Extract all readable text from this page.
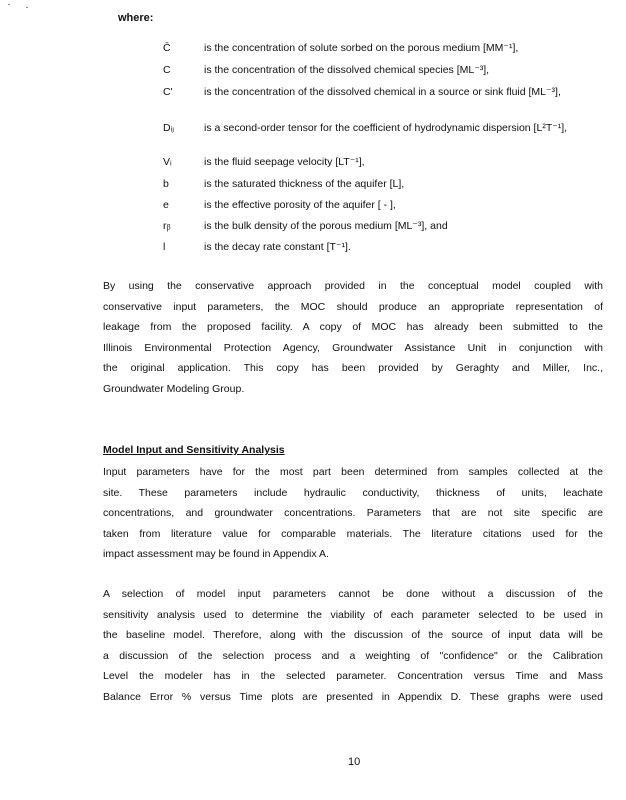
where:
C̄	is the concentration of solute sorbed on the porous medium [MM⁻¹],
C	is the concentration of the dissolved chemical species [ML⁻³],
C'	is the concentration of the dissolved chemical in a source or sink fluid [ML⁻³],
Dᵢⱼ	is a second-order tensor for the coefficient of hydrodynamic dispersion [L²T⁻¹],
Vᵢ	is the fluid seepage velocity [LT⁻¹],
b	is the saturated thickness of the aquifer [L],
e	is the effective porosity of the aquifer [ - ],
rᵦ	is the bulk density of the porous medium [ML⁻³], and
l	is the decay rate constant [T⁻¹].
By using the conservative approach provided in the conceptual model coupled with
conservative input parameters, the MOC should produce an appropriate representation of
leakage from the proposed facility. A copy of MOC has already been submitted to the
Illinois Environmental Protection Agency, Groundwater Assistance Unit in conjunction with
the original application. This copy has been provided by Geraghty and Miller, Inc.,
Groundwater Modeling Group.
Model Input and Sensitivity Analysis
Input parameters have for the most part been determined from samples collected at the
site. These parameters include hydraulic conductivity, thickness of units, leachate
concentrations, and groundwater concentrations. Parameters that are not site specific are
taken from literature value for comparable materials. The literature citations used for the
impact assessment may be found in Appendix A.
A selection of model input parameters cannot be done without a discussion of the
sensitivity analysis used to determine the viability of each parameter selected to be used in
the baseline model. Therefore, along with the discussion of the source of input data will be
a discussion of the selection process and a weighting of "confidence" or the Calibration
Level the modeler has in the selected parameter. Concentration versus Time and Mass
Balance Error % versus Time plots are presented in Appendix D. These graphs were used
10
